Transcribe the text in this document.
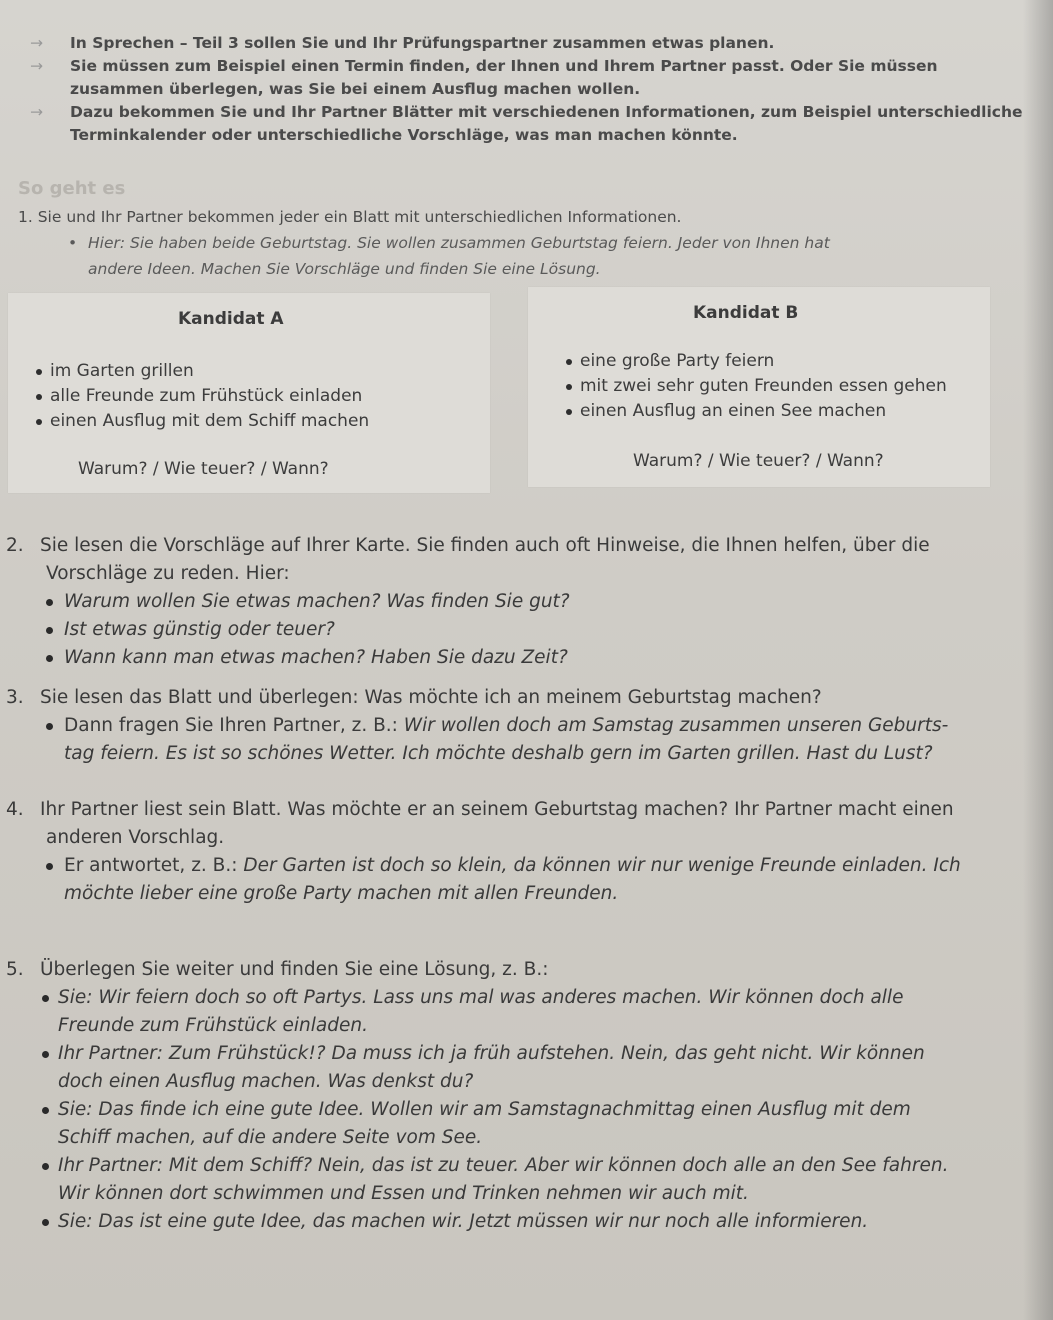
→ In Sprechen – Teil 3 sollen Sie und Ihr Prüfungspartner zusammen etwas planen.
→ Sie müssen zum Beispiel einen Termin finden, der Ihnen und Ihrem Partner passt. Oder Sie müssen zusammen überlegen, was Sie bei einem Ausflug machen wollen.
→ Dazu bekommen Sie und Ihr Partner Blätter mit verschiedenen Informationen, zum Beispiel unterschiedliche Terminkalender oder unterschiedliche Vorschläge, was man machen könnte.
So geht es
1. Sie und Ihr Partner bekommen jeder ein Blatt mit unterschiedlichen Informationen.
• Hier: Sie haben beide Geburtstag. Sie wollen zusammen Geburtstag feiern. Jeder von Ihnen hat
andere Ideen. Machen Sie Vorschläge und finden Sie eine Lösung.
Kandidat A
im Garten grillen
alle Freunde zum Frühstück einladen
einen Ausflug mit dem Schiff machen
Warum? / Wie teuer? / Wann?
Kandidat B
eine große Party feiern
mit zwei sehr guten Freunden essen gehen
einen Ausflug an einen See machen
Warum? / Wie teuer? / Wann?
2. Sie lesen die Vorschläge auf Ihrer Karte. Sie finden auch oft Hinweise, die Ihnen helfen, über die
Vorschläge zu reden. Hier:
Warum wollen Sie etwas machen? Was finden Sie gut?
Ist etwas günstig oder teuer?
Wann kann man etwas machen? Haben Sie dazu Zeit?
3. Sie lesen das Blatt und überlegen: Was möchte ich an meinem Geburtstag machen?
Dann fragen Sie Ihren Partner, z. B.: Wir wollen doch am Samstag zusammen unseren Geburts-
tag feiern. Es ist so schönes Wetter. Ich möchte deshalb gern im Garten grillen. Hast du Lust?
4. Ihr Partner liest sein Blatt. Was möchte er an seinem Geburtstag machen? Ihr Partner macht einen
anderen Vorschlag.
Er antwortet, z. B.: Der Garten ist doch so klein, da können wir nur wenige Freunde einladen. Ich
möchte lieber eine große Party machen mit allen Freunden.
5. Überlegen Sie weiter und finden Sie eine Lösung, z. B.:
Sie: Wir feiern doch so oft Partys. Lass uns mal was anderes machen. Wir können doch alle
Freunde zum Frühstück einladen.
Ihr Partner: Zum Frühstück!? Da muss ich ja früh aufstehen. Nein, das geht nicht. Wir können
doch einen Ausflug machen. Was denkst du?
Sie: Das finde ich eine gute Idee. Wollen wir am Samstagnachmittag einen Ausflug mit dem
Schiff machen, auf die andere Seite vom See.
Ihr Partner: Mit dem Schiff? Nein, das ist zu teuer. Aber wir können doch alle an den See fahren.
Wir können dort schwimmen und Essen und Trinken nehmen wir auch mit.
Sie: Das ist eine gute Idee, das machen wir. Jetzt müssen wir nur noch alle informieren.
